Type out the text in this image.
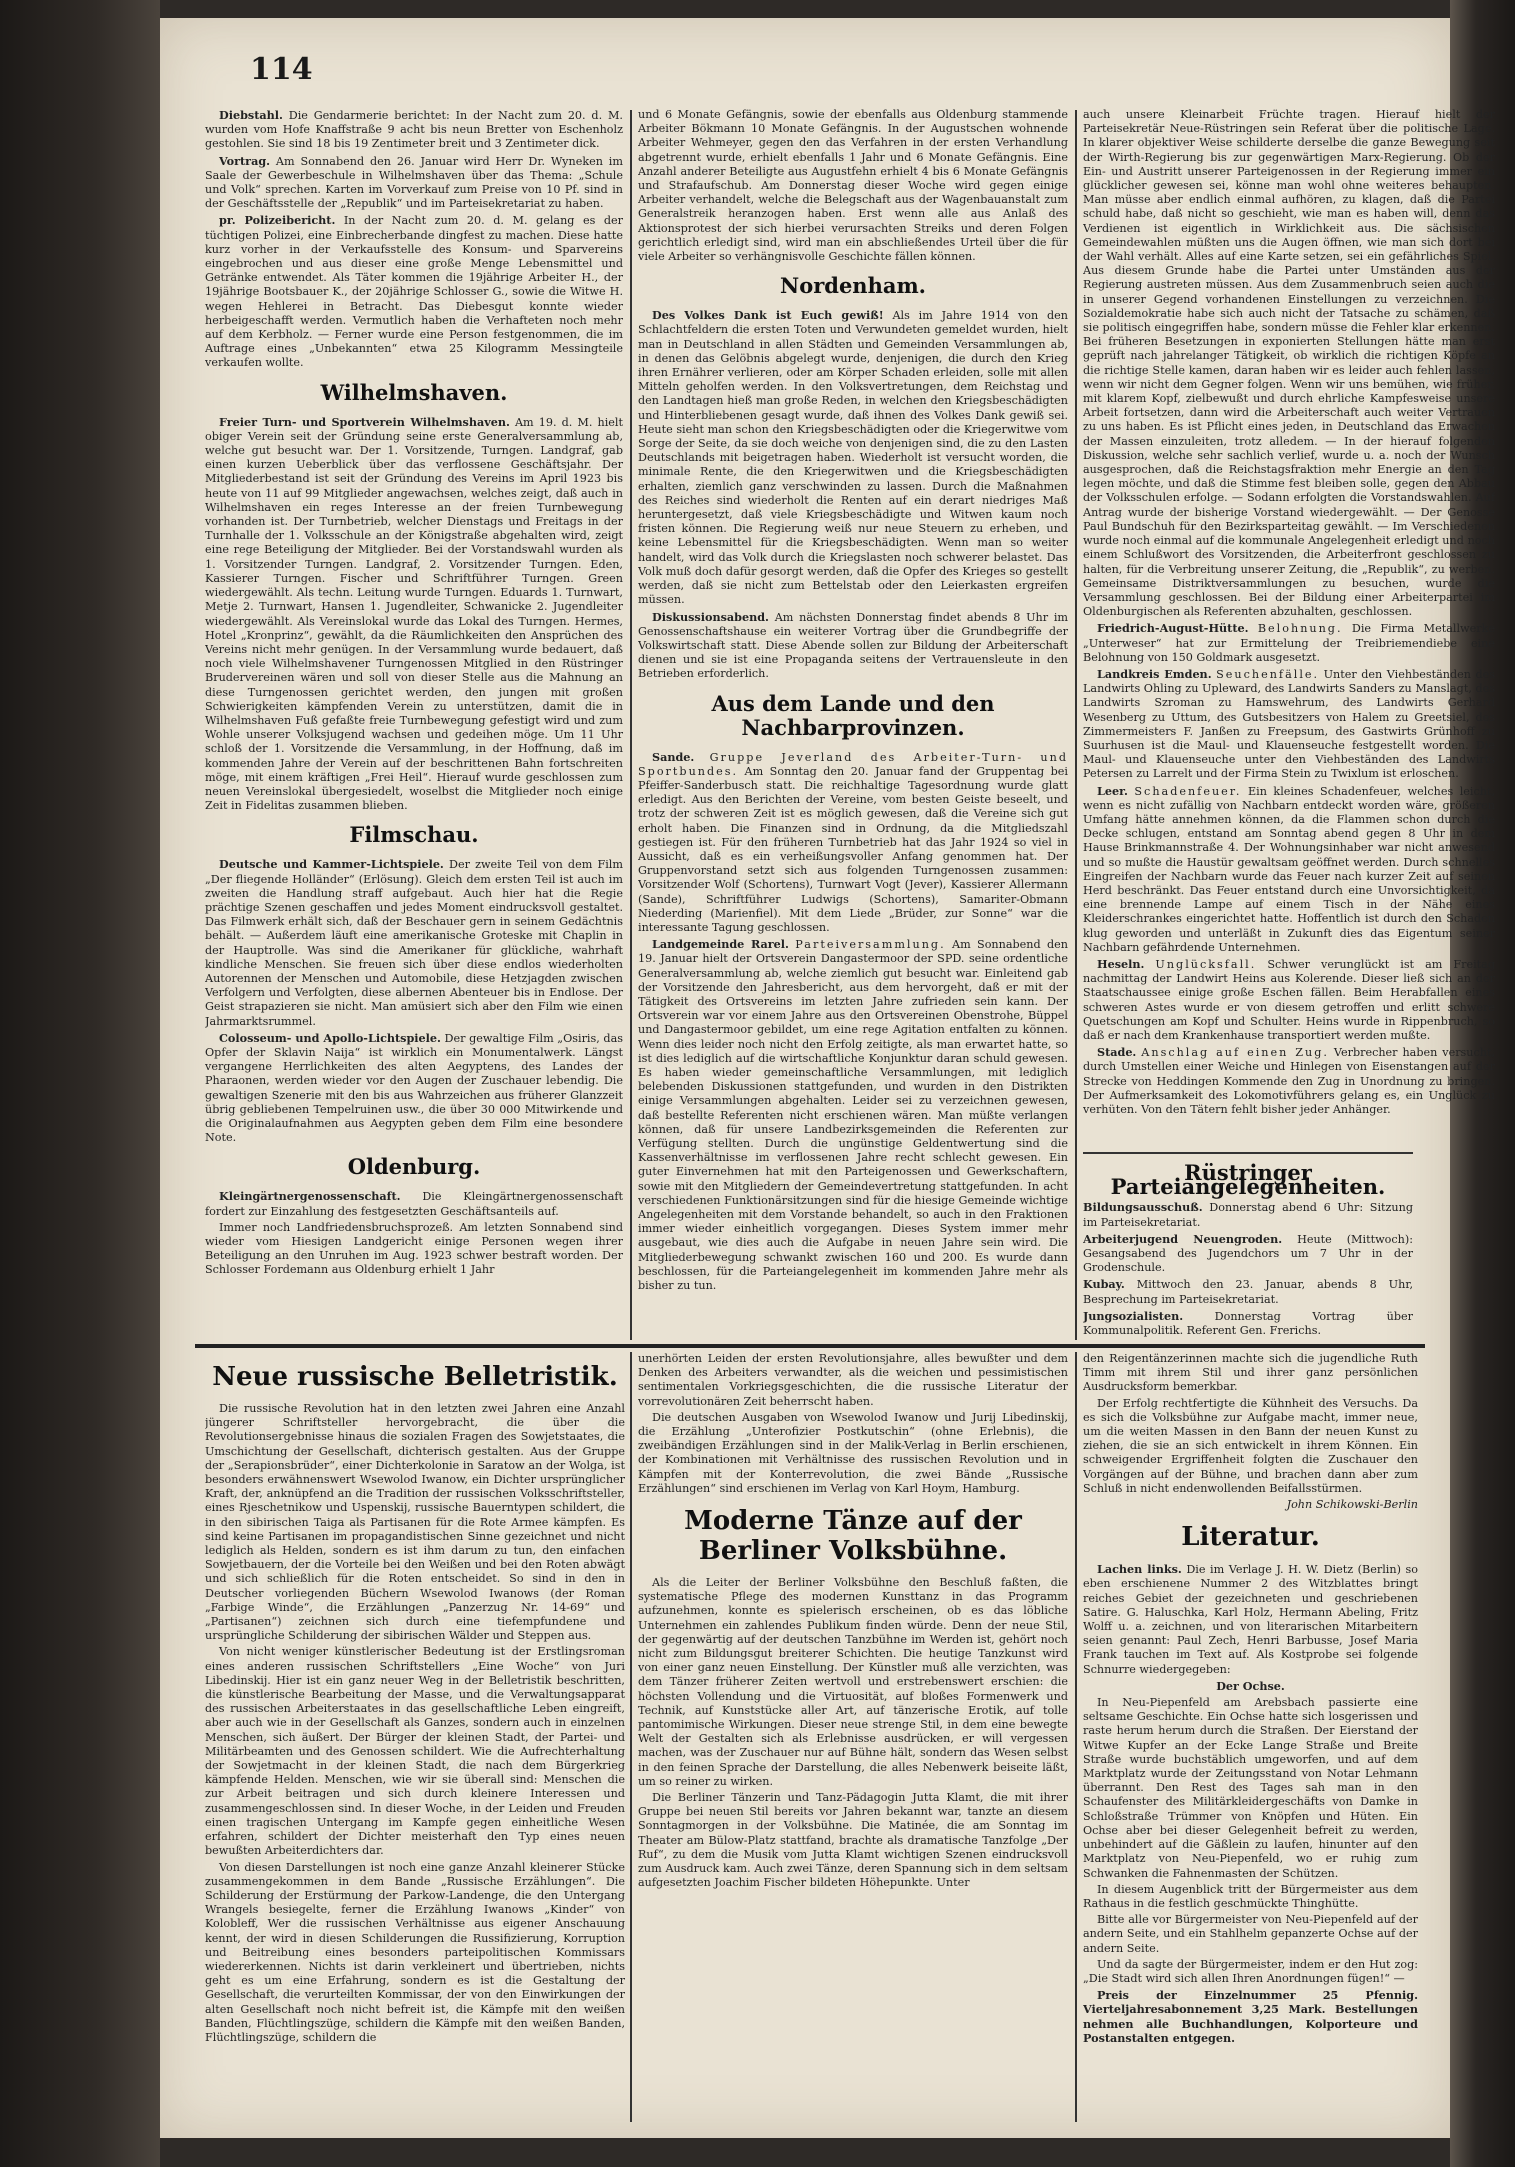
114

Diebstahl. Die Gendarmerie berichtet: In der Nacht zum 20. d. M. wurden vom Hofe Knaffstraße 9 acht bis neun Bretter von Eschenholz gestohlen. Sie sind 18 bis 19 Zentimeter breit und 3 Zentimeter dick.

Vortrag. Am Sonnabend den 26. Januar wird Herr Dr. Wyneken im Saale der Gewerbeschule in Wilhelmshaven über das Thema: „Schule und Volk“ sprechen. Karten im Vorverkauf zum Preise von 10 Pf. sind in der Geschäftsstelle der „Republik“ und im Parteisekretariat zu haben.

pr. Polizeibericht. In der Nacht zum 20. d. M. gelang es der tüchtigen Polizei, eine Einbrecherbande dingfest zu machen. Diese hatte kurz vorher in der Verkaufsstelle des Konsum- und Sparvereins eingebrochen und aus dieser eine große Menge Lebensmittel und Getränke entwendet. Als Täter kommen die 19jährige Arbeiter H., der 19jährige Bootsbauer K., der 20jährige Schlosser G., sowie die Witwe H. wegen Hehlerei in Betracht. Das Diebesgut konnte wieder herbeigeschafft werden. Vermutlich haben die Verhafteten noch mehr auf dem Kerbholz. — Ferner wurde eine Person festgenommen, die im Auftrage eines „Unbekannten“ etwa 25 Kilogramm Messingteile verkaufen wollte.

Wilhelmshaven.

Freier Turn- und Sportverein Wilhelmshaven. Am 19. d. M. hielt obiger Verein seit der Gründung seine erste Generalversammlung ab, welche gut besucht war. Der 1. Vorsitzende, Turngen. Landgraf, gab einen kurzen Ueberblick über das verflossene Geschäftsjahr. Der Mitgliederbestand ist seit der Gründung des Vereins im April 1923 bis heute von 11 auf 99 Mitglieder angewachsen, welches zeigt, daß auch in Wilhelmshaven ein reges Interesse an der freien Turnbewegung vorhanden ist. Der Turnbetrieb, welcher Dienstags und Freitags in der Turnhalle der 1. Volksschule an der Königstraße abgehalten wird, zeigt eine rege Beteiligung der Mitglieder. Bei der Vorstandswahl wurden als 1. Vorsitzender Turngen. Landgraf, 2. Vorsitzender Turngen. Eden, Kassierer Turngen. Fischer und Schriftführer Turngen. Green wiedergewählt. Als techn. Leitung wurde Turngen. Eduards 1. Turnwart, Metje 2. Turnwart, Hansen 1. Jugendleiter, Schwanicke 2. Jugendleiter wiedergewählt. Als Vereinslokal wurde das Lokal des Turngen. Hermes, Hotel „Kronprinz“, gewählt, da die Räumlichkeiten den Ansprüchen des Vereins nicht mehr genügen. In der Versammlung wurde bedauert, daß noch viele Wilhelmshavener Turngenossen Mitglied in den Rüstringer Brudervereinen wären und soll von dieser Stelle aus die Mahnung an diese Turngenossen gerichtet werden, den jungen mit großen Schwierigkeiten kämpfenden Verein zu unterstützen, damit die in Wilhelmshaven Fuß gefaßte freie Turnbewegung gefestigt wird und zum Wohle unserer Volksjugend wachsen und gedeihen möge. Um 11 Uhr schloß der 1. Vorsitzende die Versammlung, in der Hoffnung, daß im kommenden Jahre der Verein auf der beschrittenen Bahn fortschreiten möge, mit einem kräftigen „Frei Heil“. Hierauf wurde geschlossen zum neuen Vereinslokal übergesiedelt, woselbst die Mitglieder noch einige Zeit in Fidelitas zusammen blieben.

Filmschau.

Deutsche und Kammer-Lichtspiele. Der zweite Teil von dem Film „Der fliegende Holländer“ (Erlösung). Gleich dem ersten Teil ist auch im zweiten die Handlung straff aufgebaut. Auch hier hat die Regie prächtige Szenen geschaffen und jedes Moment eindrucksvoll gestaltet. Das Filmwerk erhält sich, daß der Beschauer gern in seinem Gedächtnis behält. — Außerdem läuft eine amerikanische Groteske mit Chaplin in der Hauptrolle. Was sind die Amerikaner für glückliche, wahrhaft kindliche Menschen. Sie freuen sich über diese endlos wiederholten Autorennen der Menschen und Automobile, diese Hetzjagden zwischen Verfolgern und Verfolgten, diese albernen Abenteuer bis in Endlose. Der Geist strapazieren sie nicht. Man amüsiert sich aber den Film wie einen Jahrmarktsrummel.

Colosseum- und Apollo-Lichtspiele. Der gewaltige Film „Osiris, das Opfer der Sklavin Naija“ ist wirklich ein Monumentalwerk. Längst vergangene Herrlichkeiten des alten Aegyptens, des Landes der Pharaonen, werden wieder vor den Augen der Zuschauer lebendig. Die gewaltigen Szenerie mit den bis aus Wahrzeichen aus früherer Glanzzeit übrig gebliebenen Tempelruinen usw., die über 30 000 Mitwirkende und die Originalaufnahmen aus Aegypten geben dem Film eine besondere Note.

Oldenburg.

Kleingärtnergenossenschaft. Die Kleingärtnergenossenschaft fordert zur Einzahlung des festgesetzten Geschäftsanteils auf.

Immer noch Landfriedensbruchsprozeß. Am letzten Sonnabend sind wieder vom Hiesigen Landgericht einige Personen wegen ihrer Beteiligung an den Unruhen im Aug. 1923 schwer bestraft worden. Der Schlosser Fordemann aus Oldenburg erhielt 1 Jahr

und 6 Monate Gefängnis, sowie der ebenfalls aus Oldenburg stammende Arbeiter Bökmann 10 Monate Gefängnis. In der Augustschen wohnende Arbeiter Wehmeyer, gegen den das Verfahren in der ersten Verhandlung abgetrennt wurde, erhielt ebenfalls 1 Jahr und 6 Monate Gefängnis. Eine Anzahl anderer Beteiligte aus Augustfehn erhielt 4 bis 6 Monate Gefängnis und Strafaufschub. Am Donnerstag dieser Woche wird gegen einige Arbeiter verhandelt, welche die Belegschaft aus der Wagenbauanstalt zum Generalstreik heranzogen haben. Erst wenn alle aus Anlaß des Aktionsprotest der sich hierbei verursachten Streiks und deren Folgen gerichtlich erledigt sind, wird man ein abschließendes Urteil über die für viele Arbeiter so verhängnisvolle Geschichte fällen können.

Nordenham.

Des Volkes Dank ist Euch gewiß! Als im Jahre 1914 von den Schlachtfeldern die ersten Toten und Verwundeten gemeldet wurden, hielt man in Deutschland in allen Städten und Gemeinden Versammlungen ab, in denen das Gelöbnis abgelegt wurde, denjenigen, die durch den Krieg ihren Ernährer verlieren, oder am Körper Schaden erleiden, solle mit allen Mitteln geholfen werden. In den Volksvertretungen, dem Reichstag und den Landtagen hieß man große Reden, in welchen den Kriegsbeschädigten und Hinterbliebenen gesagt wurde, daß ihnen des Volkes Dank gewiß sei. Heute sieht man schon den Kriegsbeschädigten oder die Kriegerwitwe vom Sorge der Seite, da sie doch weiche von denjenigen sind, die zu den Lasten Deutschlands mit beigetragen haben. Wiederholt ist versucht worden, die minimale Rente, die den Kriegerwitwen und die Kriegsbeschädigten erhalten, ziemlich ganz verschwinden zu lassen. Durch die Maßnahmen des Reiches sind wiederholt die Renten auf ein derart niedriges Maß heruntergesetzt, daß viele Kriegsbeschädigte und Witwen kaum noch fristen können. Die Regierung weiß nur neue Steuern zu erheben, und keine Lebensmittel für die Kriegsbeschädigten. Wenn man so weiter handelt, wird das Volk durch die Kriegslasten noch schwerer belastet. Das Volk muß doch dafür gesorgt werden, daß die Opfer des Krieges so gestellt werden, daß sie nicht zum Bettelstab oder den Leierkasten ergreifen müssen.

Diskussionsabend. Am nächsten Donnerstag findet abends 8 Uhr im Genossenschaftshause ein weiterer Vortrag über die Grundbegriffe der Volkswirtschaft statt. Diese Abende sollen zur Bildung der Arbeiterschaft dienen und sie ist eine Propaganda seitens der Vertrauensleute in den Betrieben erforderlich.

Aus dem Lande und den Nachbarprovinzen.

Sande. Gruppe Jeverland des Arbeiter-Turn- und Sportbundes. Am Sonntag den 20. Januar fand der Gruppentag bei Pfeiffer-Sanderbusch statt. Die reichhaltige Tagesordnung wurde glatt erledigt. Aus den Berichten der Vereine, vom besten Geiste beseelt, und trotz der schweren Zeit ist es möglich gewesen, daß die Vereine sich gut erholt haben. Die Finanzen sind in Ordnung, da die Mitgliedszahl gestiegen ist. Für den früheren Turnbetrieb hat das Jahr 1924 so viel in Aussicht, daß es ein verheißungsvoller Anfang genommen hat. Der Gruppenvorstand setzt sich aus folgenden Turngenossen zusammen: Vorsitzender Wolf (Schortens), Turnwart Vogt (Jever), Kassierer Allermann (Sande), Schriftführer Ludwigs (Schortens), Samariter-Obmann Niederding (Marienfiel). Mit dem Liede „Brüder, zur Sonne“ war die interessante Tagung geschlossen.

Landgemeinde Rarel. Parteiversammlung. Am Sonnabend den 19. Januar hielt der Ortsverein Dangastermoor der SPD. seine ordentliche Generalversammlung ab, welche ziemlich gut besucht war. Einleitend gab der Vorsitzende den Jahresbericht, aus dem hervorgeht, daß er mit der Tätigkeit des Ortsvereins im letzten Jahre zufrieden sein kann. Der Ortsverein war vor einem Jahre aus den Ortsvereinen Obenstrohe, Büppel und Dangastermoor gebildet, um eine rege Agitation entfalten zu können. Wenn dies leider noch nicht den Erfolg zeitigte, als man erwartet hatte, so ist dies lediglich auf die wirtschaftliche Konjunktur daran schuld gewesen. Es haben wieder gemeinschaftliche Versammlungen, mit lediglich belebenden Diskussionen stattgefunden, und wurden in den Distrikten einige Versammlungen abgehalten. Leider sei zu verzeichnen gewesen, daß bestellte Referenten nicht erschienen wären. Man müßte verlangen können, daß für unsere Landbezirksgemeinden die Referenten zur Verfügung stellten. Durch die ungünstige Geldentwertung sind die Kassenverhältnisse im verflossenen Jahre recht schlecht gewesen. Ein guter Einvernehmen hat mit den Parteigenossen und Gewerkschaftern, sowie mit den Mitgliedern der Gemeindevertretung stattgefunden. In acht verschiedenen Funktionärsitzungen sind für die hiesige Gemeinde wichtige Angelegenheiten mit dem Vorstande behandelt, so auch in den Fraktionen immer wieder einheitlich vorgegangen. Dieses System immer mehr ausgebaut, wie dies auch die Aufgabe in neuen Jahre sein wird. Die Mitgliederbewegung schwankt zwischen 160 und 200. Es wurde dann beschlossen, für die Parteiangelegenheit im kommenden Jahre mehr als bisher zu tun.

auch unsere Kleinarbeit Früchte tragen. Hierauf hielt der Parteisekretär Neue-Rüstringen sein Referat über die politische Lage. In klarer objektiver Weise schilderte derselbe die ganze Bewegung seit der Wirth-Regierung bis zur gegenwärtigen Marx-Regierung. Ob der Ein- und Austritt unserer Parteigenossen in der Regierung immer ein glücklicher gewesen sei, könne man wohl ohne weiteres behaupten. Man müsse aber endlich einmal aufhören, zu klagen, daß die Partei schuld habe, daß nicht so geschieht, wie man es haben will, denn das Verdienen ist eigentlich in Wirklichkeit aus. Die sächsischen Gemeindewahlen müßten uns die Augen öffnen, wie man sich dort bei der Wahl verhält. Alles auf eine Karte setzen, sei ein gefährliches Spiel. Aus diesem Grunde habe die Partei unter Umständen aus der Regierung austreten müssen. Aus dem Zusammenbruch seien auch die in unserer Gegend vorhandenen Einstellungen zu verzeichnen. Die Sozialdemokratie habe sich auch nicht der Tatsache zu schämen, daß sie politisch eingegriffen habe, sondern müsse die Fehler klar erkennen. Bei früheren Besetzungen in exponierten Stellungen hätte man erst geprüft nach jahrelanger Tätigkeit, ob wirklich die richtigen Köpfe an die richtige Stelle kamen, daran haben wir es leider auch fehlen lassen, wenn wir nicht dem Gegner folgen. Wenn wir uns bemühen, wie früher, mit klarem Kopf, zielbewußt und durch ehrliche Kampfesweise unsere Arbeit fortsetzen, dann wird die Arbeiterschaft auch weiter Vertrauen zu uns haben. Es ist Pflicht eines jeden, in Deutschland das Erwachen der Massen einzuleiten, trotz alledem. — In der hierauf folgenden Diskussion, welche sehr sachlich verlief, wurde u. a. noch der Wunsch ausgesprochen, daß die Reichstagsfraktion mehr Energie an den Tag legen möchte, und daß die Stimme fest bleiben solle, gegen den Abbau der Volksschulen erfolge. — Sodann erfolgten die Vorstandswahlen. Auf Antrag wurde der bisherige Vorstand wiedergewählt. — Der Genosse Paul Bundschuh für den Bezirksparteitag gewählt. — Im Verschiedenen wurde noch einmal auf die kommunale Angelegenheit erledigt und noch einem Schlußwort des Vorsitzenden, die Arbeiterfront geschlossen zu halten, für die Verbreitung unserer Zeitung, die „Republik“, zu werben. Gemeinsame Distriktversammlungen zu besuchen, wurde die Versammlung geschlossen. Bei der Bildung einer Arbeiterpartei im Oldenburgischen als Referenten abzuhalten, geschlossen.

Friedrich-August-Hütte. Belohnung. Die Firma Metallwerke „Unterweser“ hat zur Ermittelung der Treibriemendiebe eine Belohnung von 150 Goldmark ausgesetzt.

Landkreis Emden. Seuchenfälle. Unter den Viehbeständen des Landwirts Ohling zu Upleward, des Landwirts Sanders zu Manslagt, des Landwirts Szroman zu Hamswehrum, des Landwirts Gerhard Wesenberg zu Uttum, des Gutsbesitzers von Halem zu Greetsiel, des Zimmermeisters F. Janßen zu Freepsum, des Gastwirts Grünhoff zu Suurhusen ist die Maul- und Klauenseuche festgestellt worden. Die Maul- und Klauenseuche unter den Viehbeständen des Landwirts Petersen zu Larrelt und der Firma Stein zu Twixlum ist erloschen.

Leer. Schadenfeuer. Ein kleines Schadenfeuer, welches leicht, wenn es nicht zufällig von Nachbarn entdeckt worden wäre, größeren Umfang hätte annehmen können, da die Flammen schon durch die Decke schlugen, entstand am Sonntag abend gegen 8 Uhr in dem Hause Brinkmannstraße 4. Der Wohnungsinhaber war nicht anwesend und so mußte die Haustür gewaltsam geöffnet werden. Durch schnelles Eingreifen der Nachbarn wurde das Feuer nach kurzer Zeit auf seinen Herd beschränkt. Das Feuer entstand durch eine Unvorsichtigkeit, da eine brennende Lampe auf einem Tisch in der Nähe eines Kleiderschrankes eingerichtet hatte. Hoffentlich ist durch den Schaden klug geworden und unterläßt in Zukunft dies das Eigentum seiner Nachbarn gefährdende Unternehmen.

Heseln. Unglücksfall. Schwer verunglückt ist am Freitag nachmittag der Landwirt Heins aus Kolerende. Dieser ließ sich an der Staatschaussee einige große Eschen fällen. Beim Herabfallen eines schweren Astes wurde er von diesem getroffen und erlitt schwere Quetschungen am Kopf und Schulter. Heins wurde in Rippenbruch, so daß er nach dem Krankenhause transportiert werden mußte.

Stade. Anschlag auf einen Zug. Verbrecher haben versucht, durch Umstellen einer Weiche und Hinlegen von Eisenstangen auf der Strecke von Heddingen Kommende den Zug in Unordnung zu bringen. Der Aufmerksamkeit des Lokomotivführers gelang es, ein Unglück zu verhüten. Von den Tätern fehlt bisher jeder Anhänger.

Rüstringer Parteiangelegenheiten.

Bildungsausschuß. Donnerstag abend 6 Uhr: Sitzung im Parteisekretariat.

Arbeiterjugend Neuengroden. Heute (Mittwoch): Gesangsabend des Jugendchors um 7 Uhr in der Grodenschule.

Kubay. Mittwoch den 23. Januar, abends 8 Uhr, Besprechung im Parteisekretariat.

Jungsozialisten.	Donnerstag Vortrag über Kommunalpolitik. Referent Gen. Frerichs.

Neue russische Belletristik.

Die russische Revolution hat in den letzten zwei Jahren eine Anzahl jüngerer Schriftsteller hervorgebracht, die über die Revolutionsergebnisse hinaus die sozialen Fragen des Sowjetstaates, die Umschichtung der Gesellschaft, dichterisch gestalten. Aus der Gruppe der „Serapionsbrüder“, einer Dichterkolonie in Saratow an der Wolga, ist besonders erwähnenswert Wsewolod Iwanow, ein Dichter ursprünglicher Kraft, der, anknüpfend an die Tradition der russischen Volksschriftsteller, eines Rjeschetnikow und Uspenskij, russische Bauerntypen schildert, die in den sibirischen Taiga als Partisanen für die Rote Armee kämpfen. Es sind keine Partisanen im propagandistischen Sinne gezeichnet und nicht lediglich als Helden, sondern es ist ihm darum zu tun, den einfachen Sowjetbauern, der die Vorteile bei den Weißen und bei den Roten abwägt und sich schließlich für die Roten entscheidet. So sind in den in Deutscher vorliegenden Büchern Wsewolod Iwanows (der Roman „Farbige Winde“, die Erzählungen „Panzerzug Nr. 14-69“ und „Partisanen“) zeichnen sich durch eine tiefempfundene und ursprüngliche Schilderung der sibirischen Wälder und Steppen aus.

Von nicht weniger künstlerischer Bedeutung ist der Erstlingsroman eines anderen russischen Schriftstellers „Eine Woche“ von Juri Libedinskij. Hier ist ein ganz neuer Weg in der Belletristik beschritten, die künstlerische Bearbeitung der Masse, und die Verwaltungsapparat des russischen Arbeiterstaates in das gesellschaftliche Leben eingreift, aber auch wie in der Gesellschaft als Ganzes, sondern auch in einzelnen Menschen, sich äußert. Der Bürger der kleinen Stadt, der Partei- und Militärbeamten und des Genossen schildert. Wie die Aufrechterhaltung der Sowjetmacht in der kleinen Stadt, die nach dem Bürgerkrieg kämpfende Helden. Menschen, wie wir sie überall sind: Menschen die zur Arbeit beitragen und sich durch kleinere Interessen und zusammengeschlossen sind. In dieser Woche, in der Leiden und Freuden einen tragischen Untergang im Kampfe gegen einheitliche Wesen erfahren, schildert der Dichter meisterhaft den Typ eines neuen bewußten Arbeiterdichters dar.

Von diesen Darstellungen ist noch eine ganze Anzahl kleinerer Stücke zusammengekommen in dem Bande „Russische Erzählungen“. Die Schilderung der Erstürmung der Parkow-Landenge, die den Untergang Wrangels besiegelte, ferner die Erzählung Iwanows „Kinder“ von Kolobleff, Wer die russischen Verhältnisse aus eigener Anschauung kennt, der wird in diesen Schilderungen die Russifizierung, Korruption und Beitreibung eines besonders parteipolitischen Kommissars wiedererkennen. Nichts ist darin verkleinert und übertrieben, nichts geht es um eine Erfahrung, sondern es ist die Gestaltung der Gesellschaft, die verurteilten Kommissar, der von den Einwirkungen der alten Gesellschaft noch nicht befreit ist, die Kämpfe mit den weißen Banden, Flüchtlingszüge, schildern die Kämpfe mit den weißen Banden, Flüchtlingszüge, schildern die

unerhörten Leiden der ersten Revolutionsjahre, alles bewußter und dem Denken des Arbeiters verwandter, als die weichen und pessimistischen sentimentalen Vorkriegsgeschichten, die die russische Literatur der vorrevolutionären Zeit beherrscht haben.

Die deutschen Ausgaben von Wsewolod Iwanow und Jurij Libedinskij, die Erzählung „Unterofizier Postkutschin“ (ohne Erlebnis), die zweibändigen Erzählungen sind in der Malik-Verlag in Berlin erschienen, der Kombinationen mit Verhältnisse des russischen Revolution und in Kämpfen mit der Konterrevolution, die zwei Bände „Russische Erzählungen“ sind erschienen im Verlag von Karl Hoym, Hamburg.

Moderne Tänze auf der Berliner Volksbühne.

Als die Leiter der Berliner Volksbühne den Beschluß faßten, die systematische Pflege des modernen Kunsttanz in das Programm aufzunehmen, konnte es spielerisch erscheinen, ob es das löbliche Unternehmen ein zahlendes Publikum finden würde. Denn der neue Stil, der gegenwärtig auf der deutschen Tanzbühne im Werden ist, gehört noch nicht zum Bildungsgut breiterer Schichten. Die heutige Tanzkunst wird von einer ganz neuen Einstellung. Der Künstler muß alle verzichten, was dem Tänzer früherer Zeiten wertvoll und erstrebenswert erschien: die höchsten Vollendung und die Virtuosität, auf bloßes Formenwerk und Technik, auf Kunststücke aller Art, auf tänzerische Erotik, auf tolle pantomimische Wirkungen. Dieser neue strenge Stil, in dem eine bewegte Welt der Gestalten sich als Erlebnisse ausdrücken, er will vergessen machen, was der Zuschauer nur auf Bühne hält, sondern das Wesen selbst in den feinen Sprache der Darstellung, die alles Nebenwerk beiseite läßt, um so reiner zu wirken.

Die Berliner Tänzerin und Tanz-Pädagogin Jutta Klamt, die mit ihrer Gruppe bei neuen Stil bereits vor Jahren bekannt war, tanzte an diesem Sonntagmorgen in der Volksbühne. Die Matinée, die am Sonntag im Theater am Bülow-Platz stattfand, brachte als dramatische Tanzfolge „Der Ruf“, zu dem die Musik vom Jutta Klamt wichtigen Szenen eindrucksvoll zum Ausdruck kam. Auch zwei Tänze, deren Spannung sich in dem seltsam aufgesetzten Joachim Fischer bildeten Höhepunkte. Unter

den Reigentänzerinnen machte sich die jugendliche Ruth Timm mit ihrem Stil und ihrer ganz persönlichen Ausdrucksform bemerkbar.

Der Erfolg rechtfertigte die Kühnheit des Versuchs. Da es sich die Volksbühne zur Aufgabe macht, immer neue, um die weiten Massen in den Bann der neuen Kunst zu ziehen, die sie an sich entwickelt in ihrem Können. Ein schweigender Ergriffenheit folgten die Zuschauer den Vorgängen auf der Bühne, und brachen dann aber zum Schluß in nicht endenwollenden Beifallsstürmen.

John Schikowski-Berlin

Literatur.

Lachen links. Die im Verlage J. H. W. Dietz (Berlin) so eben erschienene Nummer 2 des Witzblattes bringt reiches Gebiet der gezeichneten und geschriebenen Satire. G. Haluschka, Karl Holz, Hermann Abeling, Fritz Wolff u. a. zeichnen, und von literarischen Mitarbeitern seien genannt: Paul Zech, Henri Barbusse, Josef Maria Frank tauchen im Text auf. Als Kostprobe sei folgende Schnurre wiedergegeben:

Der Ochse.

In Neu-Piepenfeld am Arebsbach passierte eine seltsame Geschichte. Ein Ochse hatte sich losgerissen und raste herum herum durch die Straßen. Der Eierstand der Witwe Kupfer an der Ecke Lange Straße und Breite Straße wurde buchstäblich umgeworfen, und auf dem Marktplatz wurde der Zeitungsstand von Notar Lehmann überrannt. Den Rest des Tages sah man in den Schaufenster des Militärkleidergeschäfts von Damke in Schloßstraße Trümmer von Knöpfen und Hüten. Ein Ochse aber bei dieser Gelegenheit befreit zu werden, unbehindert auf die Gäßlein zu laufen, hinunter auf den Marktplatz von Neu-Piepenfeld, wo er ruhig zum Schwanken die Fahnenmasten der Schützen.

In diesem Augenblick tritt der Bürgermeister aus dem Rathaus in die festlich geschmückte Thinghütte.

Bitte alle vor Bürgermeister von Neu-Piepenfeld auf der andern Seite, und ein Stahlhelm gepanzerte Ochse auf der andern Seite.

Und da sagte der Bürgermeister, indem er den Hut zog: „Die Stadt wird sich allen Ihren Anordnungen fügen!“ —

Preis der Einzelnummer 25 Pfennig. Vierteljahresabonnement 3,25 Mark. Bestellungen nehmen alle Buchhandlungen, Kolporteure und Postanstalten entgegen.
